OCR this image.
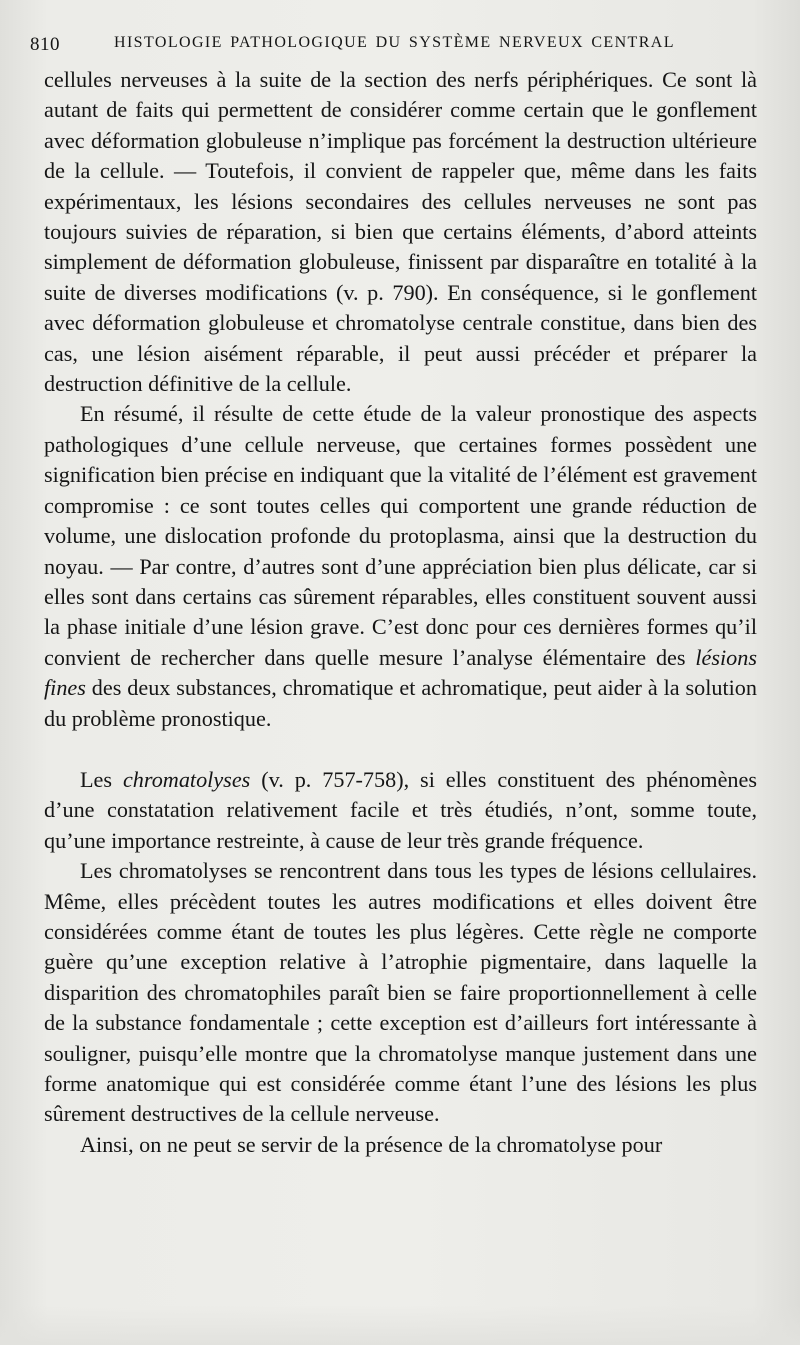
810	HISTOLOGIE PATHOLOGIQUE DU SYSTÈME NERVEUX CENTRAL

cellules nerveuses à la suite de la section des nerfs périphériques. Ce sont là autant de faits qui permettent de considérer comme certain que le gonflement avec déformation globuleuse n’implique pas forcément la destruction ultérieure de la cellule. — Toutefois, il convient de rappeler que, même dans les faits expérimentaux, les lésions secondaires des cellules nerveuses ne sont pas toujours suivies de réparation, si bien que certains éléments, d’abord atteints simplement de déformation globuleuse, finissent par disparaître en totalité à la suite de diverses modifications (v. p. 790). En conséquence, si le gonflement avec déformation globuleuse et chromatolyse centrale constitue, dans bien des cas, une lésion aisément réparable, il peut aussi précéder et préparer la destruction définitive de la cellule.

En résumé, il résulte de cette étude de la valeur pronostique des aspects pathologiques d’une cellule nerveuse, que certaines formes possèdent une signification bien précise en indiquant que la vitalité de l’élément est gravement compromise : ce sont toutes celles qui comportent une grande réduction de volume, une dislocation profonde du protoplasma, ainsi que la destruction du noyau. — Par contre, d’autres sont d’une appréciation bien plus délicate, car si elles sont dans certains cas sûrement réparables, elles constituent souvent aussi la phase initiale d’une lésion grave. C’est donc pour ces dernières formes qu’il convient de rechercher dans quelle mesure l’analyse élémentaire des lésions fines des deux substances, chromatique et achromatique, peut aider à la solution du problème pronostique.

Les chromatolyses (v. p. 757-758), si elles constituent des phénomènes d’une constatation relativement facile et très étudiés, n’ont, somme toute, qu’une importance restreinte, à cause de leur très grande fréquence.

Les chromatolyses se rencontrent dans tous les types de lésions cellulaires. Même, elles précèdent toutes les autres modifications et elles doivent être considérées comme étant de toutes les plus légères. Cette règle ne comporte guère qu’une exception relative à l’atrophie pigmentaire, dans laquelle la disparition des chromatophiles paraît bien se faire proportionnellement à celle de la substance fondamentale ; cette exception est d’ailleurs fort intéressante à souligner, puisqu’elle montre que la chromatolyse manque justement dans une forme anatomique qui est considérée comme étant l’une des lésions les plus sûrement destructives de la cellule nerveuse.

Ainsi, on ne peut se servir de la présence de la chromatolyse pour
